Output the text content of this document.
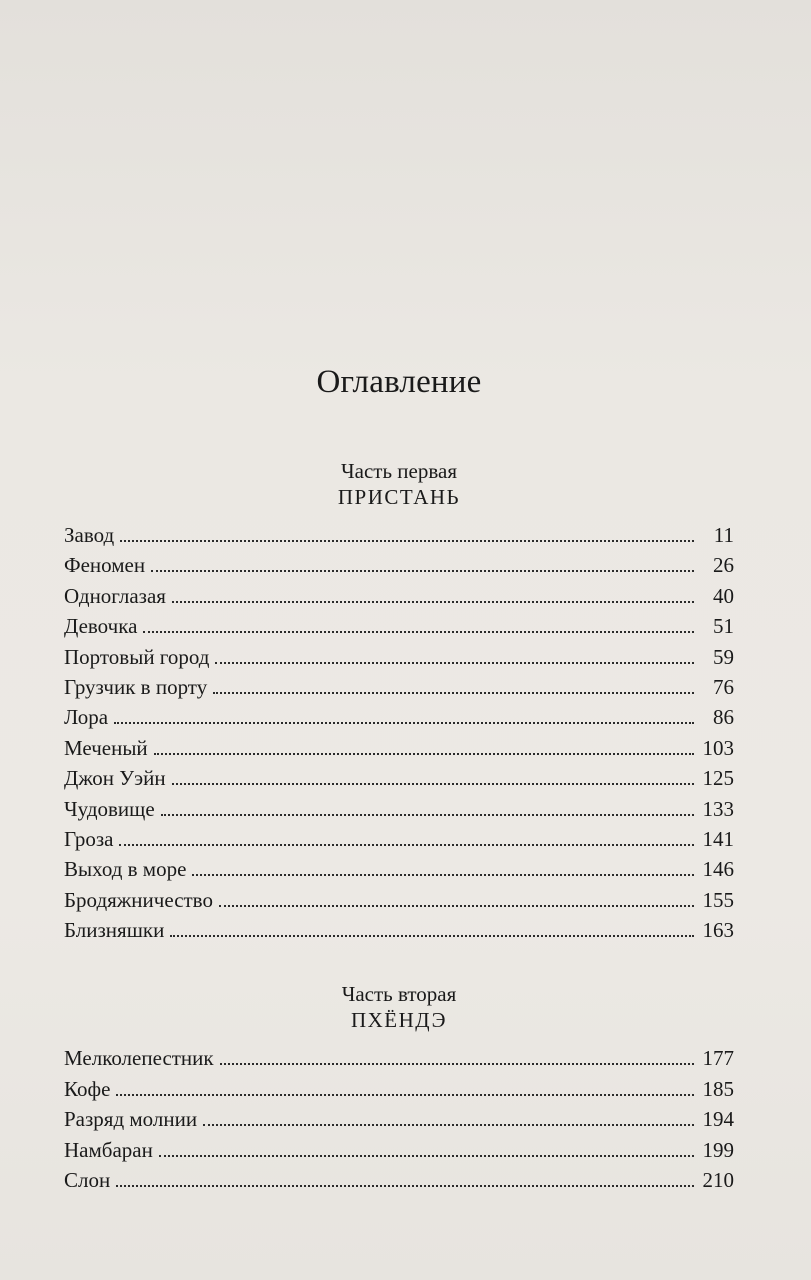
Оглавление
Часть первая
ПРИСТАНЬ
Завод	11
Феномен	26
Одноглазая	40
Девочка	51
Портовый город	59
Грузчик в порту	76
Лора	86
Меченый	103
Джон Уэйн	125
Чудовище	133
Гроза	141
Выход в море	146
Бродяжничество	155
Близняшки	163
Часть вторая
ПХЁНДЭ
Мелколепестник	177
Кофе	185
Разряд молнии	194
Намбаран	199
Слон	210
